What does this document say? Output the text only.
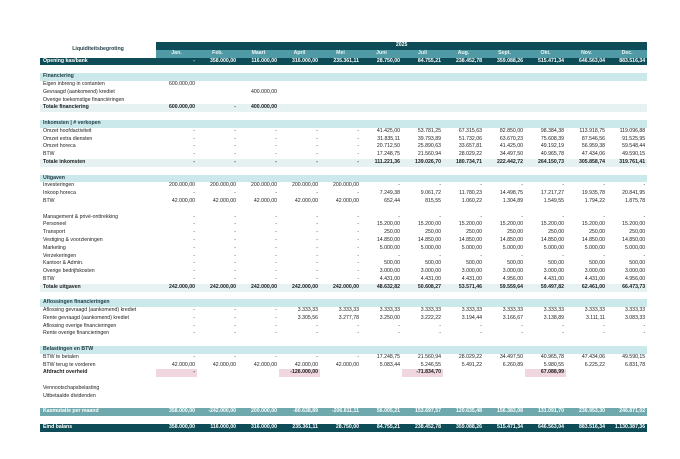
Liquiditeitsbegroting	2025											
	Jan.	Feb.	Maart	April	Mei	Juni	Juli	Aug.	Sept.	Okt.	Nov.	Dec.
Opening kas/bank	-	358.000,00	116.000,00	316.000,00	235.361,11	28.750,00	84.755,21	238.452,78	359.088,26	515.471,34	646.563,04	883.516,34

Financiering												
Eigen inbreng in contanten	600.000,00											
Gevraagd (aankomend) krediet			400.000,00									
Overige toekomstige financiëringen												
Totale financiering	600.000,00	-	400.000,00									

Inkomsten | # verkopen												
Omzet hoofdactiviteit	-	-	-	-	-	41.425,00	53.781,25	67.315,63	82.850,00	98.384,38	113.918,75	119.096,88
Omzet extra diensten	-	-	-	-	-	31.835,11	39.793,89	51.732,06	63.670,23	75.608,39	87.546,56	91.525,95
Omzet horeca	-	-	-	-	-	20.712,50	25.890,63	33.657,81	41.425,00	49.192,19	56.959,38	59.548,44
BTW	-	-	-	-	-	17.248,75	21.560,94	28.029,22	34.497,50	40.965,78	47.434,06	49.590,15
Totale inkomsten	-	-	-	-	-	111.221,36	139.026,70	180.734,71	222.442,72	264.150,73	305.858,74	319.761,41

Uitgaven												
Investeringen	200.000,00	200.000,00	200.000,00	200.000,00	200.000,00	-	-	-	-	-	-	-
Inkoop horeca	-	-	-	-	-	7.249,38	9.061,72	11.780,23	14.498,75	17.217,27	19.935,78	20.841,95
BTW	42.000,00	42.000,00	42.000,00	42.000,00	42.000,00	652,44	815,55	1.060,22	1.304,89	1.549,55	1.794,22	1.875,78

Management & privé-onttrekking	-	-	-	-	-	-	-	-	-	-	-	-
Personeel	-	-	-	-	-	15.200,00	15.200,00	15.200,00	15.200,00	15.200,00	15.200,00	15.200,00
Transport	-	-	-	-	-	250,00	250,00	250,00	250,00	250,00	250,00	250,00
Vestiging & voorzieningen	-	-	-	-	-	14.850,00	14.850,00	14.850,00	14.850,00	14.850,00	14.850,00	14.850,00
Marketing	-	-	-	-	-	5.000,00	5.000,00	5.000,00	5.000,00	5.000,00	5.000,00	5.000,00
Verzekeringen	-	-	-	-	-	-	-	-	-	-	-	-
Kantoor & Admin.	-	-	-	-	-	500,00	500,00	500,00	500,00	500,00	500,00	500,00
Overige bedrijfskosten	-	-	-	-	-	3.000,00	3.000,00	3.000,00	3.000,00	3.000,00	3.000,00	3.000,00
BTW	-	-	-	-	-	4.431,00	4.431,00	4.431,00	4.956,00	4.431,00	4.431,00	4.956,00
Totale uitgaven	242.000,00	242.000,00	242.000,00	242.000,00	242.000,00	48.632,82	50.608,27	53.571,46	59.559,64	59.497,82	62.461,00	66.473,73

Aflossingen financieringen												
Aflossing gevraagd (aankomend) krediet	-	-	-	3.333,33	3.333,33	3.333,33	3.333,33	3.333,33	3.333,33	3.333,33	3.333,33	3.333,33
Rente gevraagd (aankomend) krediet	-	-	-	3.305,56	3.277,78	3.250,00	3.222,22	3.194,44	3.166,67	3.138,89	3.111,11	3.083,33
Aflossing overige financieringen	-	-	-	-	-	-	-	-	-	-	-	-
Rente overige financieringen	-	-	-	-	-	-	-	-	-	-	-	-

Belastingen en BTW												
BTW te betalen	-	-	-	-	-	17.248,75	21.560,94	28.029,22	34.497,50	40.965,78	47.434,06	49.590,15
BTW terug te vorderen	42.000,00	42.000,00	42.000,00	42.000,00	42.000,00	5.083,44	5.246,55	5.491,22	6.260,89	5.980,55	6.225,22	6.831,78
Afdracht overheid	-			-126.000,00			-71.834,70			67.088,99		

Vennootschapsbelasting												
Uitbetaalde dividenden												

Kasmutatie per maand	358.000,00	-242.000,00	200.000,00	-80.638,89	-206.611,11	56.005,21	153.697,57	120.635,48	156.383,08	131.091,70	236.953,30	246.871,02

Eind balans	358.000,00	116.000,00	316.000,00	235.361,11	28.750,00	84.755,21	238.452,78	359.088,26	515.471,34	646.563,04	883.516,34	1.130.387,36
